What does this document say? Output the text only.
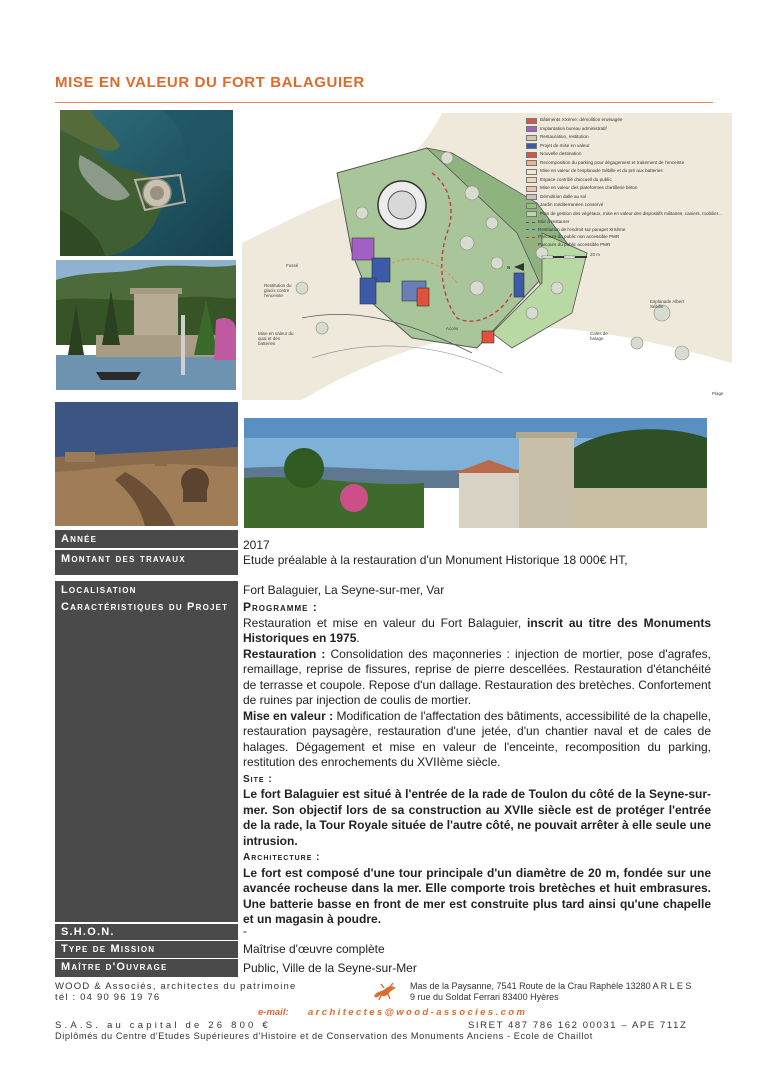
MISE EN VALEUR DU FORT BALAGUIER
Bâtiments XXème: démolition envisagée
Implantation bureau administratif
Restauration, restitution
Projet de mise en valeur
Nouvelle destination
Recomposition du parking pour dégagement et traitement de l'enceinte
Mise en valeur de l'esplanade Sébille et du pré aux batteries
Espace contrôlé d'accueil du public
Mise en valeur des plateformes d'artillerie béton
Démolition dalle au sol
Jardin méditerranéen conservé
Plan de gestion des végétaux, mise en valeur des dispositifs militaires, caniers, mobilier...
Mur à restaurer
Restitution de l'endroit sur parapet XIXème
Parcours du public non accessible PMR
Parcours du public accessible PMR
20 m
N
Restitution du glacis contre l'enceinte
Mise en valeur du quai et des batteries
Accès
Esplanade Albert Sébille
Cales de halage
Fossé
Plage
Année	2017
Montant des travaux	Etude préalable à la restauration d'un Monument Historique 18 000€ HT,
Localisation	Fort Balaguier, La Seyne-sur-mer, Var
Caractéristiques du Projet	Programme :

Restauration et mise en valeur du Fort Balaguier, inscrit au titre des Monuments Historiques en 1975.

Restauration : Consolidation des maçonneries : injection de mortier, pose d'agrafes, remaillage, reprise de fissures, reprise de pierre descellées. Restauration d'étanchéité de terrasse et coupole. Repose d'un dallage. Restauration des bretèches. Confortement de ruines par injection de coulis de mortier.

Mise en valeur : Modification de l'affectation des bâtiments, accessibilité de la chapelle, restauration paysagère, restauration d'une jetée, d'un chantier naval et de cales de halages. Dégagement et mise en valeur de l'enceinte, recomposition du parking, restitution des enrochements du XVIIème siècle.

Site :

Le fort Balaguier est situé à l'entrée de la rade de Toulon du côté de la Seyne-sur-mer. Son objectif lors de sa construction au XVIIe siècle est de protéger l'entrée de la rade, la Tour Royale située de l'autre côté, ne pouvait arrêter à elle seule une intrusion.

Architecture :

Le fort est composé d'une tour principale d'un diamètre de 20 m, fondée sur une avancée rocheuse dans la mer. Elle comporte trois bretèches et huit embrasures. Une batterie basse en front de mer est construite plus tard ainsi qu'une chapelle et un magasin à poudre.

S.H.O.N.	-
Type de Mission	Maîtrise d'œuvre complète
Maître d'Ouvrage	Public, Ville de la Seyne-sur-Mer
WOOD & Associés, architectes du patrimoine
tél : 04 90 96 19 76
Mas de la Paysanne, 7541 Route de la Crau Raphèle 13280 A R L E S
9 rue du Soldat Ferrari 83400 Hyères
e-mail: architectes@wood-associes.com
S.A.S. au capital de 26 800 €	SIRET 487 786 162 00031 – APE 711Z
Diplômés du Centre d'Etudes Supérieures d'Histoire et de Conservation des Monuments Anciens - Ecole de Chaillot
